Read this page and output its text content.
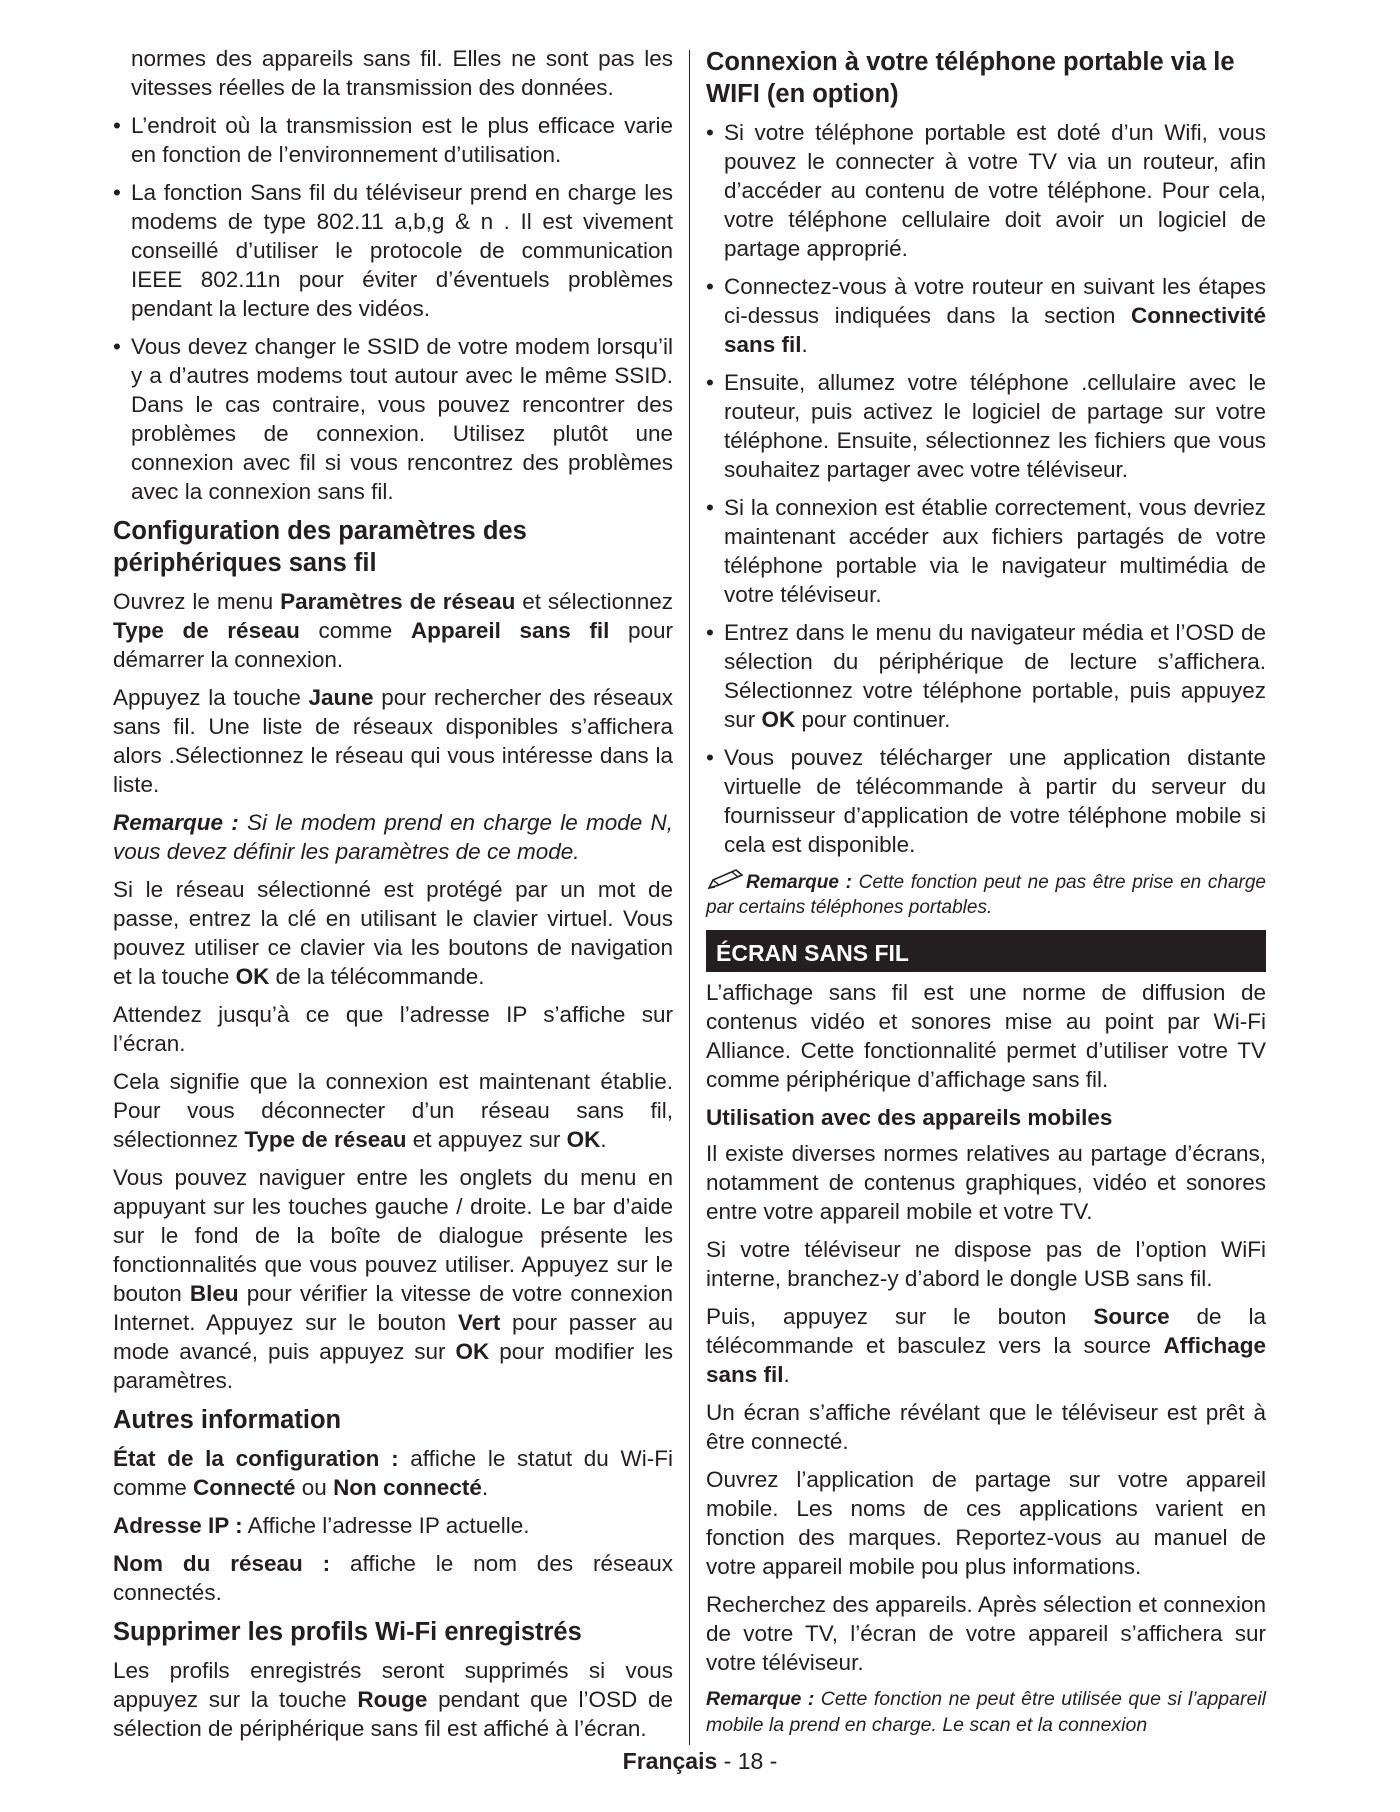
normes des appareils sans fil. Elles ne sont pas les vitesses réelles de la transmission des données.

• L’endroit où la transmission est le plus efficace varie en fonction de l’environnement d’utilisation.
• La fonction Sans fil du téléviseur prend en charge les modems de type 802.11 a,b,g & n . Il est vivement conseillé d’utiliser le protocole de communication IEEE 802.11n pour éviter d’éventuels problèmes pendant la lecture des vidéos.
• Vous devez changer le SSID de votre modem lorsqu’il y a d’autres modems tout autour avec le même SSID. Dans le cas contraire, vous pouvez rencontrer des problèmes de connexion. Utilisez plutôt une connexion avec fil si vous rencontrez des problèmes avec la connexion sans fil.
Configuration des paramètres des périphériques sans fil

Ouvrez le menu Paramètres de réseau et sélectionnez Type de réseau comme Appareil sans fil pour démarrer la connexion.

Appuyez la touche Jaune pour rechercher des réseaux sans fil. Une liste de réseaux disponibles s’affichera alors .Sélectionnez le réseau qui vous intéresse dans la liste.

Remarque : Si le modem prend en charge le mode N, vous devez définir les paramètres de ce mode.

Si le réseau sélectionné est protégé par un mot de passe, entrez la clé en utilisant le clavier virtuel. Vous pouvez utiliser ce clavier via les boutons de navigation et la touche OK de la télécommande.

Attendez jusqu’à ce que l’adresse IP s’affiche sur l’écran.

Cela signifie que la connexion est maintenant établie. Pour vous déconnecter d’un réseau sans fil, sélectionnez Type de réseau et appuyez sur OK.

Vous pouvez naviguer entre les onglets du menu en appuyant sur les touches gauche / droite. Le bar d’aide sur le fond de la boîte de dialogue présente les fonctionnalités que vous pouvez utiliser. Appuyez sur le bouton Bleu pour vérifier la vitesse de votre connexion Internet. Appuyez sur le bouton Vert pour passer au mode avancé, puis appuyez sur OK pour modifier les paramètres.

Autres information

État de la configuration : affiche le statut du Wi-Fi comme Connecté ou Non connecté.

Adresse IP : Affiche l’adresse IP actuelle.

Nom du réseau : affiche le nom des réseaux connectés.

Supprimer les profils Wi-Fi enregistrés

Les profils enregistrés seront supprimés si vous appuyez sur la touche Rouge pendant que l’OSD de sélection de périphérique sans fil est affiché à l’écran.

Connexion à votre téléphone portable via le WIFI (en option)
• Si votre téléphone portable est doté d’un Wifi, vous pouvez le connecter à votre TV via un routeur, afin d’accéder au contenu de votre téléphone. Pour cela, votre téléphone cellulaire doit avoir un logiciel de partage approprié.
• Connectez-vous à votre routeur en suivant les étapes ci-dessus indiquées dans la section Connectivité sans fil.
• Ensuite, allumez votre téléphone .cellulaire avec le routeur, puis activez le logiciel de partage sur votre téléphone. Ensuite, sélectionnez les fichiers que vous souhaitez partager avec votre téléviseur.
• Si la connexion est établie correctement, vous devriez maintenant accéder aux fichiers partagés de votre téléphone portable via le navigateur multimédia de votre téléviseur.
• Entrez dans le menu du navigateur média et l’OSD de sélection du périphérique de lecture s’affichera. Sélectionnez votre téléphone portable, puis appuyez sur OK pour continuer.
• Vous pouvez télécharger une application distante virtuelle de télécommande à partir du serveur du fournisseur d’application de votre téléphone mobile si cela est disponible.

Remarque : Cette fonction peut ne pas être prise en charge par certains téléphones portables.

ÉCRAN SANS FIL

L’affichage sans fil est une norme de diffusion de contenus vidéo et sonores mise au point par Wi-Fi Alliance. Cette fonctionnalité permet d’utiliser votre TV comme périphérique d’affichage sans fil.

Utilisation avec des appareils mobiles

Il existe diverses normes relatives au partage d’écrans, notamment de contenus graphiques, vidéo et sonores entre votre appareil mobile et votre TV.

Si votre téléviseur ne dispose pas de l’option WiFi interne, branchez-y d’abord le dongle USB sans fil.

Puis, appuyez sur le bouton Source de la télécommande et basculez vers la source Affichage sans fil.

Un écran s’affiche révélant que le téléviseur est prêt à être connecté.

Ouvrez l’application de partage sur votre appareil mobile. Les noms de ces applications varient en fonction des marques. Reportez-vous au manuel de votre appareil mobile pou plus informations.

Recherchez des appareils. Après sélection et connexion de votre TV, l’écran de votre appareil s’affichera sur votre téléviseur.

Remarque : Cette fonction ne peut être utilisée que si l’appareil mobile la prend en charge. Le scan et la connexion

Français - 18 -
